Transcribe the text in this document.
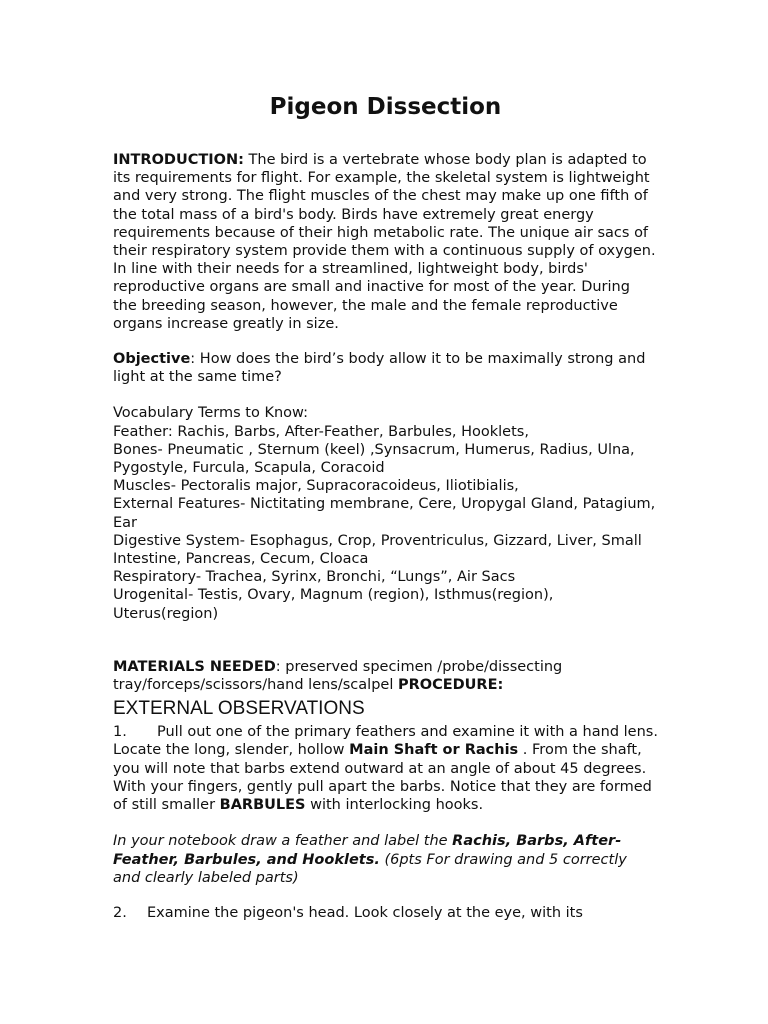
Pigeon Dissection

INTRODUCTION: The bird is a vertebrate whose body plan is adapted to its requirements for flight. For example, the skeletal system is lightweight and very strong. The flight muscles of the chest may make up one fifth of the total mass of a bird's body. Birds have extremely great energy requirements because of their high metabolic rate. The unique air sacs of their respiratory system provide them with a continuous supply of oxygen. In line with their needs for a streamlined, lightweight body, birds' reproductive organs are small and inactive for most of the year. During the breeding season, however, the male and the female reproductive organs increase greatly in size.

Objective: How does the bird’s body allow it to be maximally strong and light at the same time?

Vocabulary Terms to Know:
Feather: Rachis, Barbs, After-Feather, Barbules, Hooklets,
Bones- Pneumatic , Sternum (keel) ,Synsacrum, Humerus, Radius, Ulna, Pygostyle, Furcula, Scapula, Coracoid
Muscles- Pectoralis major, Supracoracoideus, Iliotibialis,
External Features- Nictitating membrane, Cere, Uropygal Gland, Patagium, Ear
Digestive System- Esophagus, Crop, Proventriculus, Gizzard, Liver, Small Intestine, Pancreas, Cecum, Cloaca
Respiratory- Trachea, Syrinx, Bronchi, “Lungs”, Air Sacs
Urogenital- Testis, Ovary, Magnum (region), Isthmus(region), Uterus(region)

MATERIALS NEEDED: preserved specimen /probe/dissecting tray/forceps/scissors/hand lens/scalpel PROCEDURE:

EXTERNAL OBSERVATIONS

1. Pull out one of the primary feathers and examine it with a hand lens. Locate the long, slender, hollow Main Shaft or Rachis . From the shaft, you will note that barbs extend outward at an angle of about 45 degrees. With your fingers, gently pull apart the barbs. Notice that they are formed of still smaller BARBULES with interlocking hooks.

In your notebook draw a feather and label the Rachis, Barbs, After-Feather, Barbules, and Hooklets. (6pts For drawing and 5 correctly and clearly labeled parts)

2. Examine the pigeon's head. Look closely at the eye, with its
